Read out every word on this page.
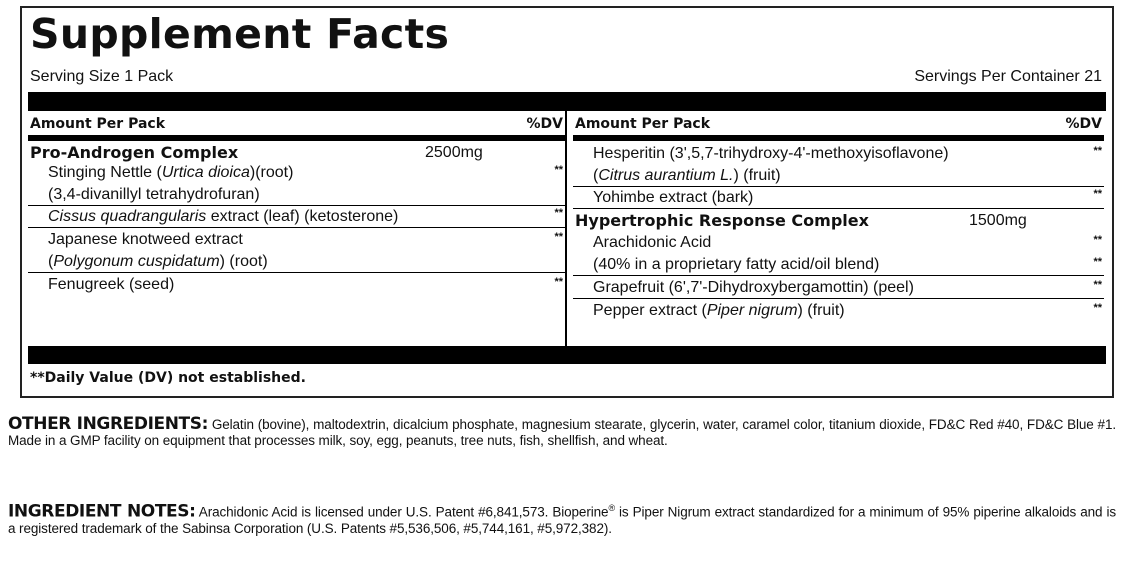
Supplement Facts
Serving Size 1 Pack	Servings Per Container 21
Amount Per Pack	%DV
Pro-Androgen Complex	2500mg
Stinging Nettle (Urtica dioica)(root)	**
(3,4-divanillyl tetrahydrofuran)
Cissus quadrangularis extract (leaf) (ketosterone)	**
Japanese knotweed extract	**
(Polygonum cuspidatum) (root)
Fenugreek (seed)	**
Amount Per Pack	%DV
Hesperitin (3',5,7-trihydroxy-4'-methoxyisoflavone)	**
(Citrus aurantium L.) (fruit)
Yohimbe extract (bark)	**
Hypertrophic Response Complex	1500mg
Arachidonic Acid	**
(40% in a proprietary fatty acid/oil blend)	**
Grapefruit (6',7'-Dihydroxybergamottin) (peel)	**
Pepper extract (Piper nigrum) (fruit)	**
**Daily Value (DV) not established.
OTHER INGREDIENTS: Gelatin (bovine), maltodextrin, dicalcium phosphate, magnesium stearate, glycerin, water, caramel color, titanium dioxide, FD&C Red #40, FD&C Blue #1. Made in a GMP facility on equipment that processes milk, soy, egg, peanuts, tree nuts, fish, shellfish, and wheat.
INGREDIENT NOTES: Arachidonic Acid is licensed under U.S. Patent #6,841,573. Bioperine® is Piper Nigrum extract standardized for a minimum of 95% piperine alkaloids and is a registered trademark of the Sabinsa Corporation (U.S. Patents #5,536,506, #5,744,161, #5,972,382).
